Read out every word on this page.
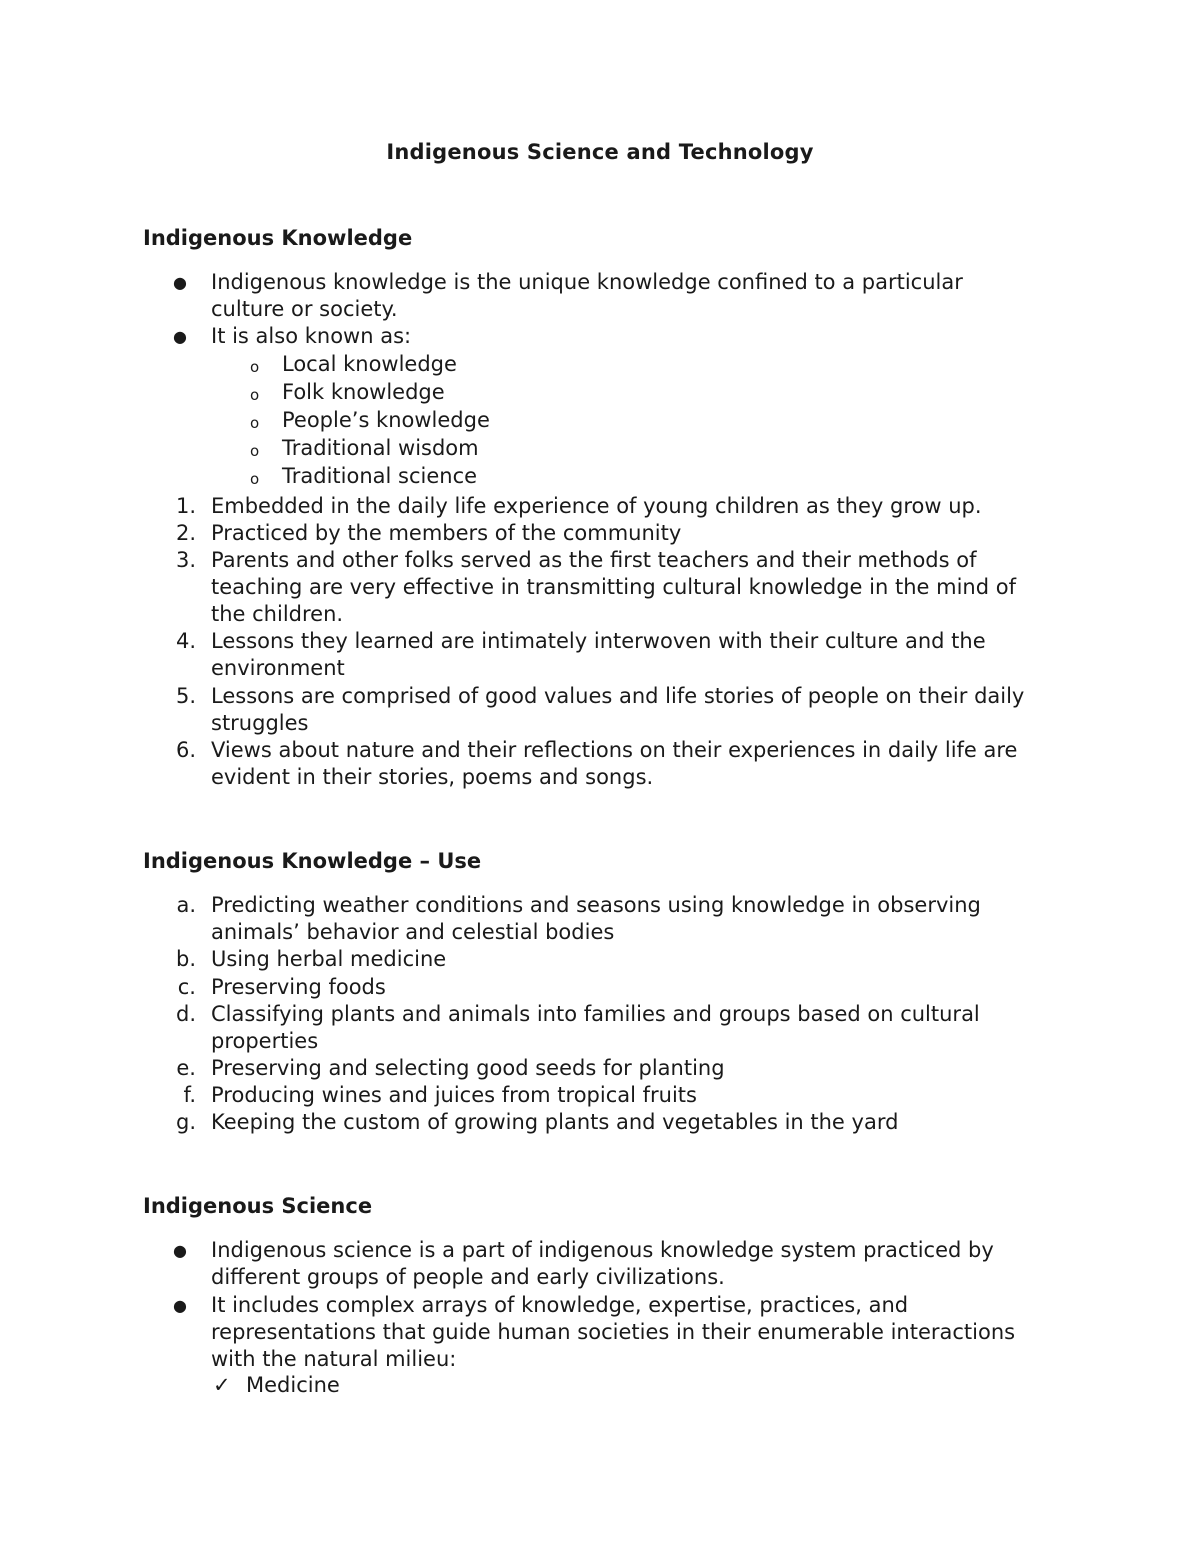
Indigenous Science and Technology
Indigenous Knowledge
● Indigenous knowledge is the unique knowledge confined to a particular
culture or society.
● It is also known as:
o Local knowledge
o Folk knowledge
o People’s knowledge
o Traditional wisdom
o Traditional science
1. Embedded in the daily life experience of young children as they grow up.
2. Practiced by the members of the community
3. Parents and other folks served as the first teachers and their methods of
teaching are very effective in transmitting cultural knowledge in the mind of
the children.
4. Lessons they learned are intimately interwoven with their culture and the
environment
5. Lessons are comprised of good values and life stories of people on their daily
struggles
6. Views about nature and their reflections on their experiences in daily life are
evident in their stories, poems and songs.
Indigenous Knowledge – Use
a. Predicting weather conditions and seasons using knowledge in observing
animals’ behavior and celestial bodies
b. Using herbal medicine
c. Preserving foods
d. Classifying plants and animals into families and groups based on cultural
properties
e. Preserving and selecting good seeds for planting
f. Producing wines and juices from tropical fruits
g. Keeping the custom of growing plants and vegetables in the yard
Indigenous Science
● Indigenous science is a part of indigenous knowledge system practiced by
different groups of people and early civilizations.
● It includes complex arrays of knowledge, expertise, practices, and
representations that guide human societies in their enumerable interactions
with the natural milieu:
✓ Medicine
